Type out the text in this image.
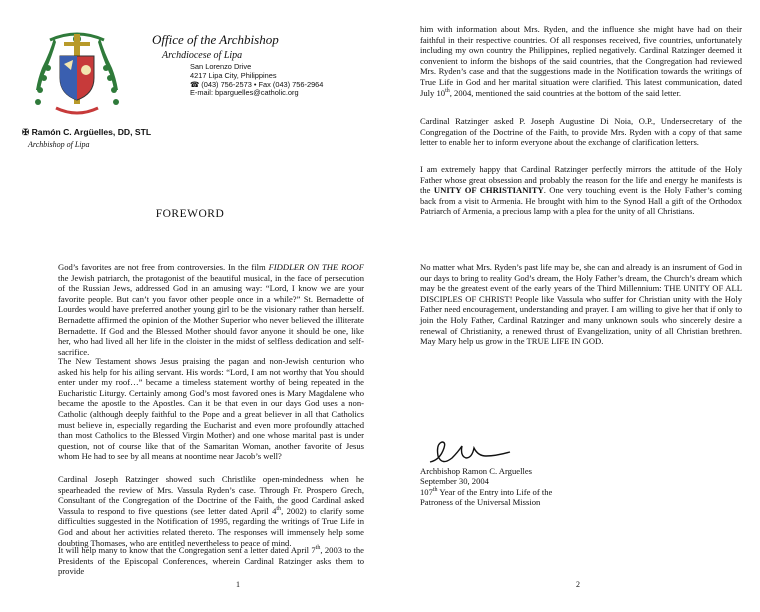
Office of the Archbishop
Archdiocese of Lipa
San Lorenzo Drive
4217 Lipa City, Philippines
☎ (043) 756-2573 • Fax (043) 756-2964
E-mail: bparguelles@catholic.org
✠ Ramón C. Argüelles, DD, STL
Archbishop of Lipa
FOREWORD

God’s favorites are not free from controversies. In the film FIDDLER ON THE ROOF the Jewish patriarch, the protagonist of the beautiful musical, in the face of persecution of the Russian Jews, addressed God in an amusing way: “Lord, I know we are your favorite people. But can’t you favor other people once in a while?” St. Bernadette of Lourdes would have preferred another young girl to be the visionary rather than herself. Bernadette affirmed the opinion of the Mother Superior who never believed the illiterate Bernadette. If God and the Blessed Mother should favor anyone it should be one, like her, who had lived all her life in the cloister in the midst of selfless dedication and self-sacrifice.

The New Testament shows Jesus praising the pagan and non-Jewish centurion who asked his help for his ailing servant. His words: “Lord, I am not worthy that You should enter under my roof…” became a timeless statement worthy of being repeated in the Eucharistic Liturgy. Certainly among God’s most favored ones is Mary Magdalene who became the apostle to the Apostles. Can it be that even in our days God uses a non-Catholic (although deeply faithful to the Pope and a great believer in all that Catholics must believe in, especially regarding the Eucharist and even more profoundly attached than most Catholics to the Blessed Virgin Mother) and one whose marital past is under question, not of course like that of the Samaritan Woman, another favorite of Jesus whom He had to see by all means at noontime near Jacob’s well?

Cardinal Joseph Ratzinger showed such Christlike open-mindedness when he spearheaded the review of Mrs. Vassula Ryden’s case. Through Fr. Prospero Grech, Consultant of the Congregation of the Doctrine of the Faith, the good Cardinal asked Vassula to respond to five questions (see letter dated April 4th, 2002) to clarify some difficulties suggested in the Notification of 1995, regarding the writings of True Life in God and about her activities related thereto. The responses will immensely help some doubting Thomases, who are entitled nevertheless to peace of mind.

It will help many to know that the Congregation sent a letter dated April 7th, 2003 to the Presidents of the Episcopal Conferences, wherein Cardinal Ratzinger asks them to provide

1

him with information about Mrs. Ryden, and the influence she might have had on their faithful in their respective countries. Of all responses received, five countries, unfortunately including my own country the Philippines, replied negatively. Cardinal Ratzinger deemed it convenient to inform the bishops of the said countries, that the Congregation had reviewed Mrs. Ryden’s case and that the suggestions made in the Notification towards the writings of True Life in God and her marital situation were clarified. This latest communication, dated July 10th, 2004, mentioned the said countries at the bottom of the said letter.

Cardinal Ratzinger asked P. Joseph Augustine Di Noia, O.P., Undersecretary of the Congregation of the Doctrine of the Faith, to provide Mrs. Ryden with a copy of that same letter to enable her to inform everyone about the exchange of clarification letters.

I am extremely happy that Cardinal Ratzinger perfectly mirrors the attitude of the Holy Father whose great obsession and probably the reason for the life and energy he manifests is the UNITY OF CHRISTIANITY. One very touching event is the Holy Father’s coming back from a visit to Armenia. He brought with him to the Synod Hall a gift of the Orthodox Patriarch of Armenia, a precious lamp with a plea for the unity of all Christians.

No matter what Mrs. Ryden’s past life may be, she can and already is an insrument of God in our days to bring to reality God’s dream, the Holy Father’s dream, the Church’s dream which may be the greatest event of the early years of the Third Millennium: THE UNITY OF ALL DISCIPLES OF CHRIST! People like Vassula who suffer for Christian unity with the Holy Father need encouragement, understanding and prayer. I am willing to give her that if only to join the Holy Father, Cardinal Ratzinger and many unknown souls who sincerely desire a renewal of Christianity, a renewed thrust of Evangelization, unity of all Christian brethren. May Mary help us grow in the TRUE LIFE IN GOD.

Archbishop Ramon C. Arguelles
September 30, 2004
107th Year of the Entry into Life of the
Patroness of the Universal Mission
2
